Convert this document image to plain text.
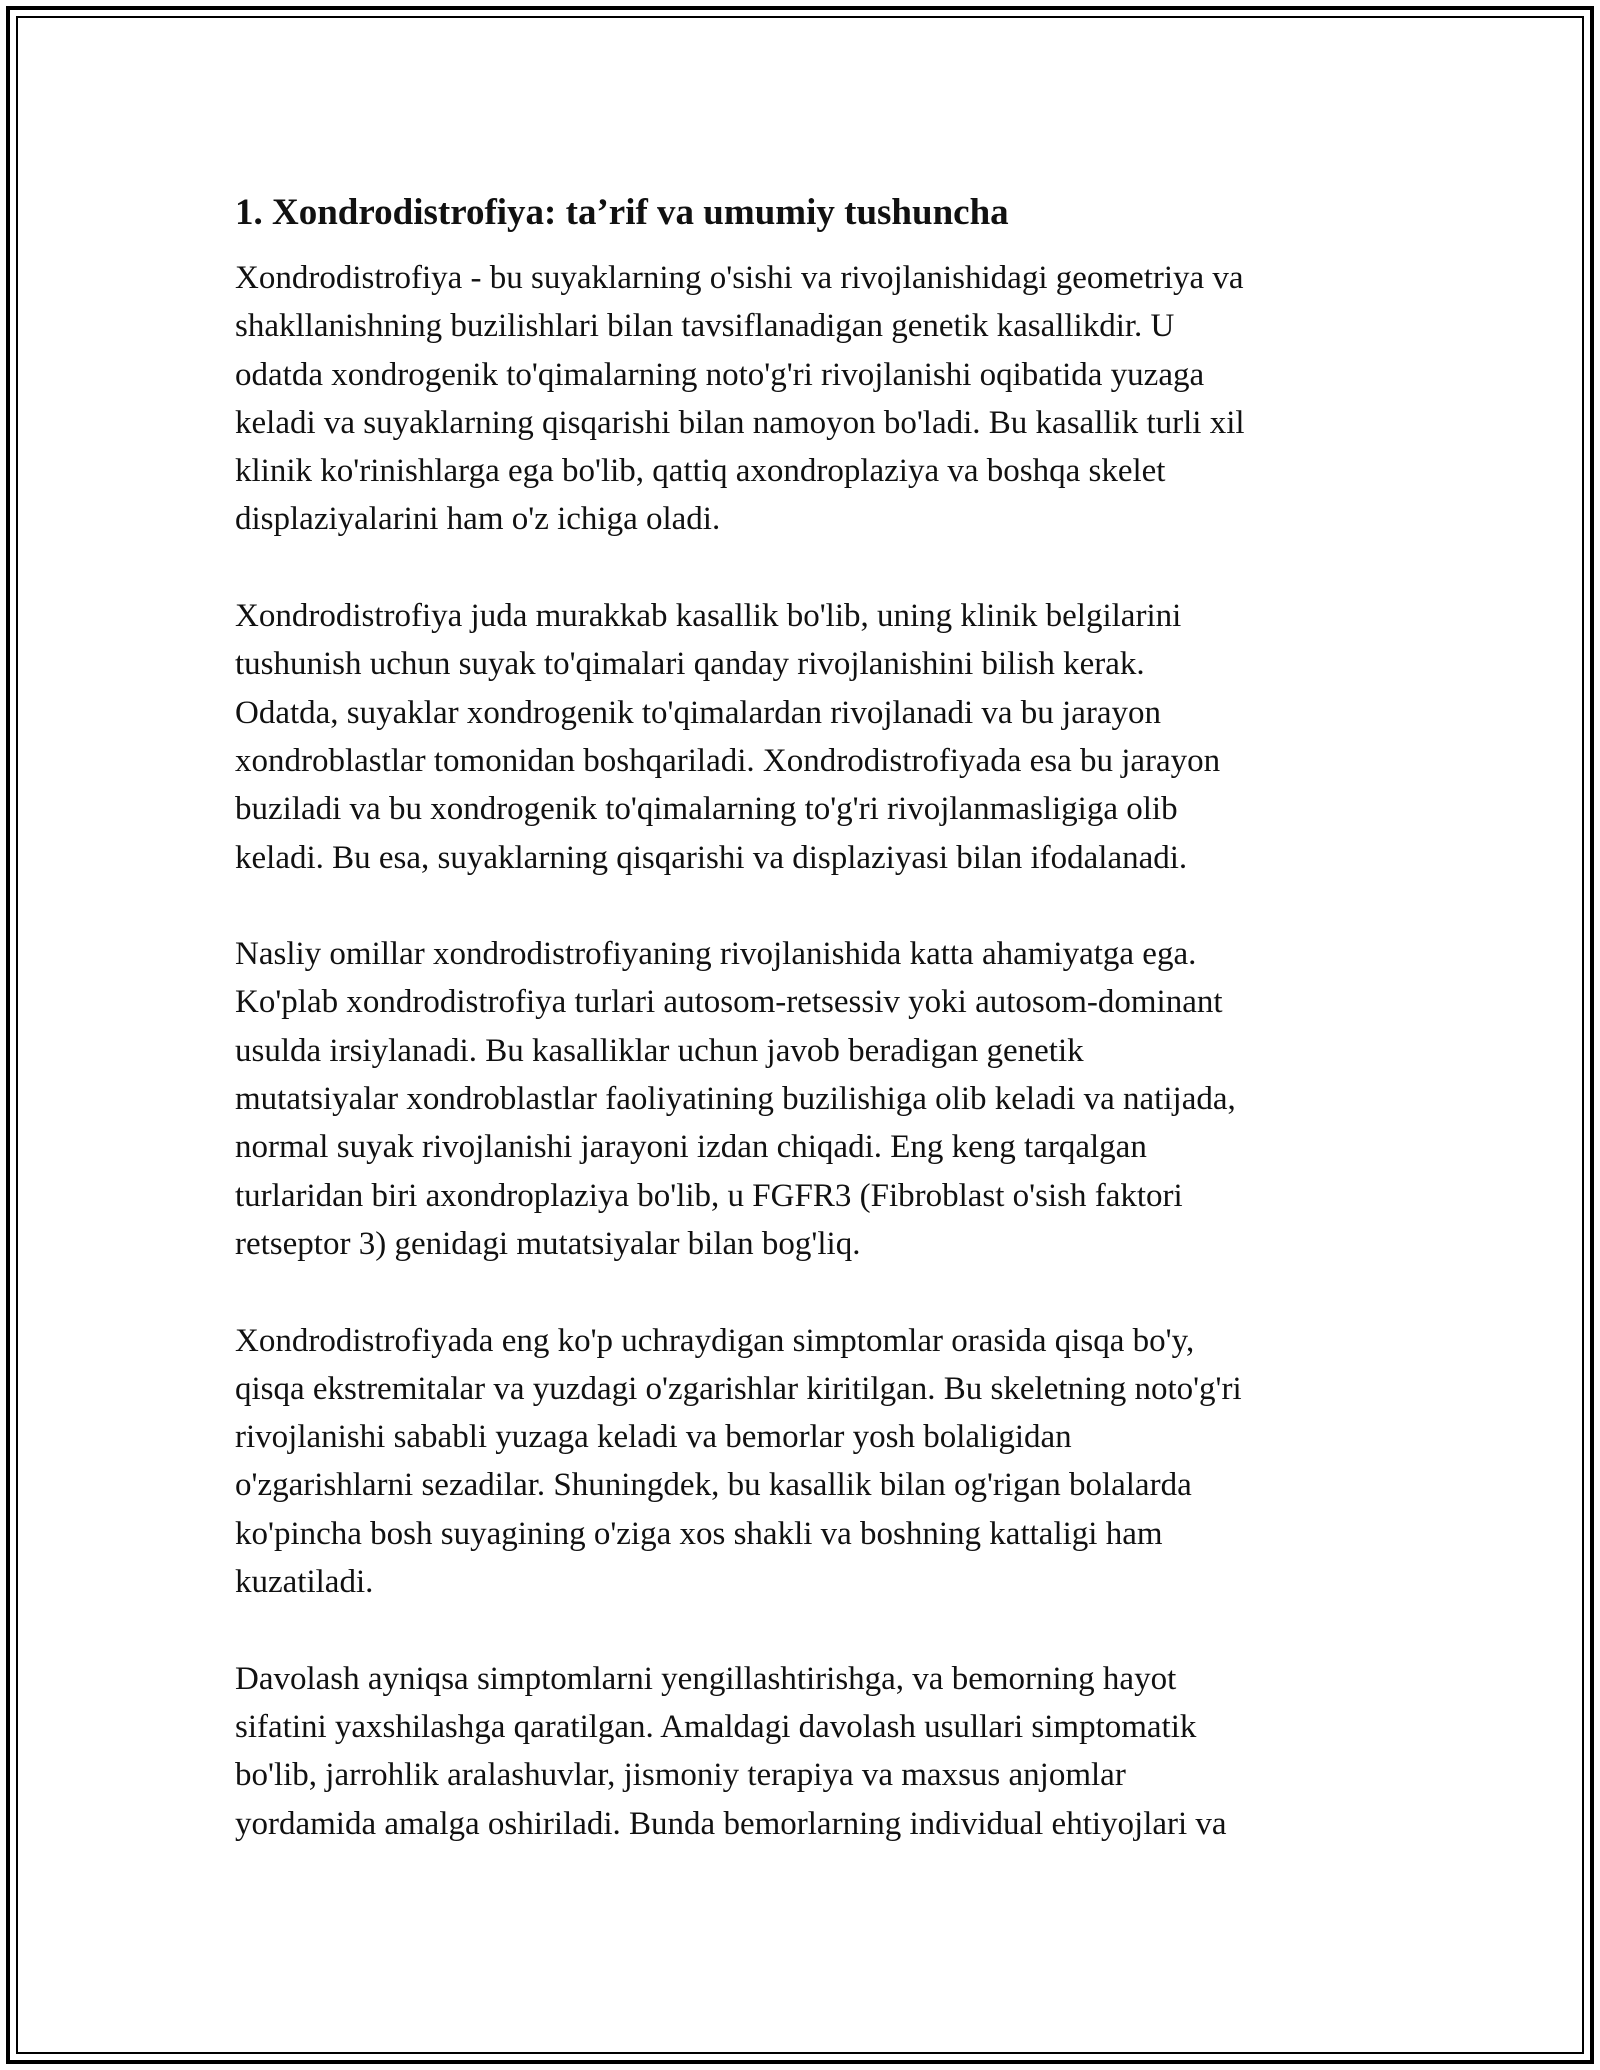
1. Xondrodistrofiya: ta’rif va umumiy tushuncha
Xondrodistrofiya - bu suyaklarning o'sishi va rivojlanishidagi geometriya va
shakllanishning buzilishlari bilan tavsiflanadigan genetik kasallikdir. U
odatda xondrogenik to'qimalarning noto'g'ri rivojlanishi oqibatida yuzaga
keladi va suyaklarning qisqarishi bilan namoyon bo'ladi. Bu kasallik turli xil
klinik ko'rinishlarga ega bo'lib, qattiq axondroplaziya va boshqa skelet
displaziyalarini ham o'z ichiga oladi.
Xondrodistrofiya juda murakkab kasallik bo'lib, uning klinik belgilarini
tushunish uchun suyak to'qimalari qanday rivojlanishini bilish kerak.
Odatda, suyaklar xondrogenik to'qimalardan rivojlanadi va bu jarayon
xondroblastlar tomonidan boshqariladi. Xondrodistrofiyada esa bu jarayon
buziladi va bu xondrogenik to'qimalarning to'g'ri rivojlanmasligiga olib
keladi. Bu esa, suyaklarning qisqarishi va displaziyasi bilan ifodalanadi.
Nasliy omillar xondrodistrofiyaning rivojlanishida katta ahamiyatga ega.
Ko'plab xondrodistrofiya turlari autosom-retsessiv yoki autosom-dominant
usulda irsiylanadi. Bu kasalliklar uchun javob beradigan genetik
mutatsiyalar xondroblastlar faoliyatining buzilishiga olib keladi va natijada,
normal suyak rivojlanishi jarayoni izdan chiqadi. Eng keng tarqalgan
turlaridan biri axondroplaziya bo'lib, u FGFR3 (Fibroblast o'sish faktori
retseptor 3) genidagi mutatsiyalar bilan bog'liq.
Xondrodistrofiyada eng ko'p uchraydigan simptomlar orasida qisqa bo'y,
qisqa ekstremitalar va yuzdagi o'zgarishlar kiritilgan. Bu skeletning noto'g'ri
rivojlanishi sababli yuzaga keladi va bemorlar yosh bolaligidan
o'zgarishlarni sezadilar. Shuningdek, bu kasallik bilan og'rigan bolalarda
ko'pincha bosh suyagining o'ziga xos shakli va boshning kattaligi ham
kuzatiladi.
Davolash ayniqsa simptomlarni yengillashtirishga, va bemorning hayot
sifatini yaxshilashga qaratilgan. Amaldagi davolash usullari simptomatik
bo'lib, jarrohlik aralashuvlar, jismoniy terapiya va maxsus anjomlar
yordamida amalga oshiriladi. Bunda bemorlarning individual ehtiyojlari va
